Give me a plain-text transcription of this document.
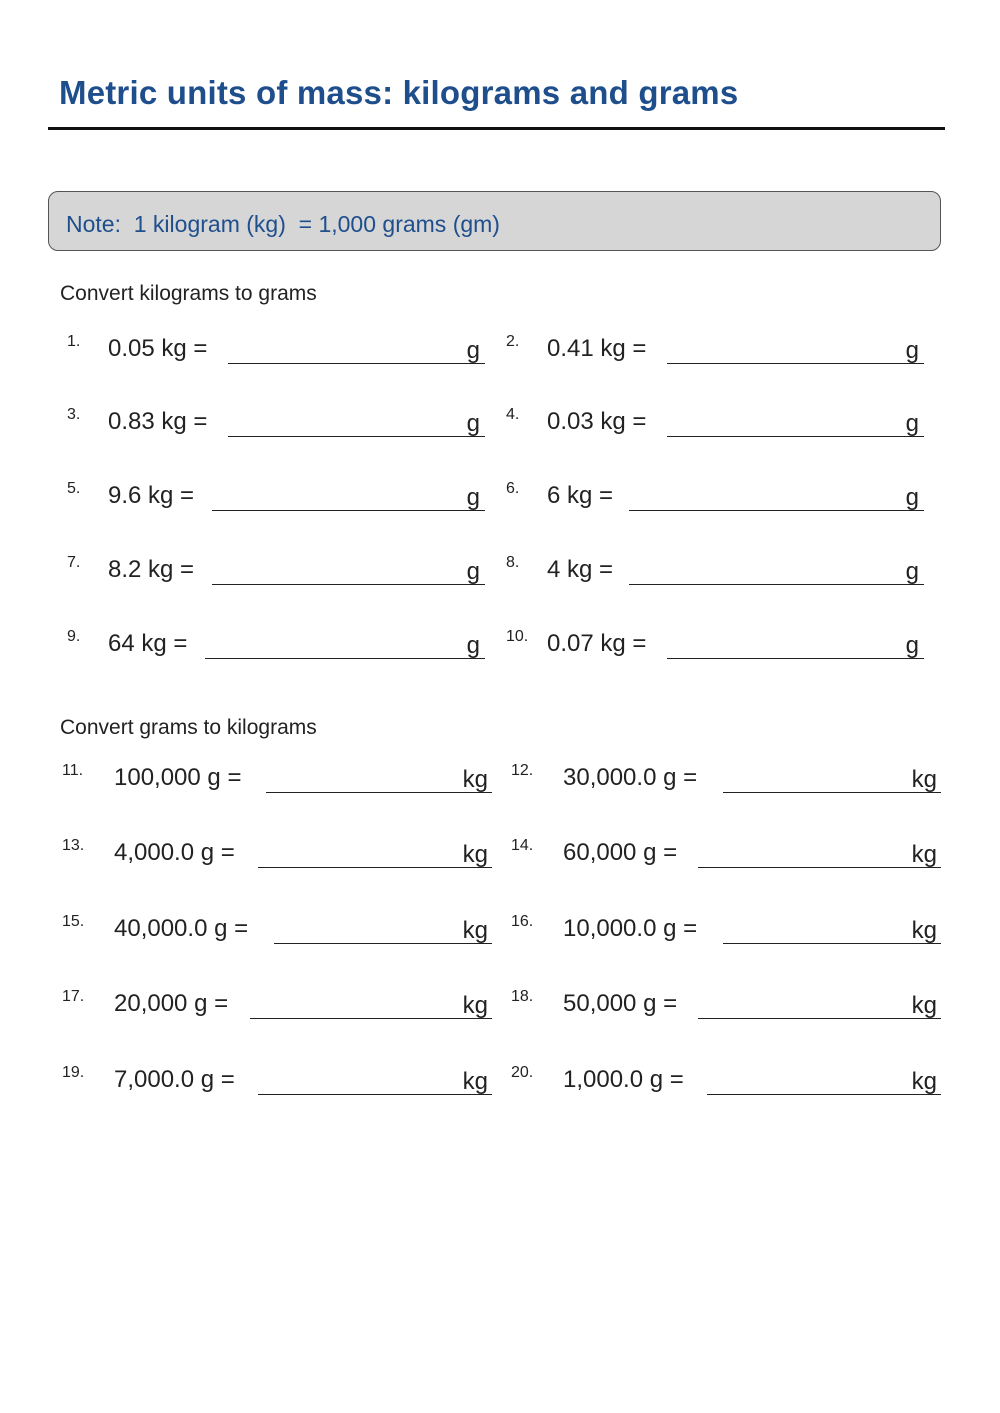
Metric units of mass: kilograms and grams
Note:  1 kilogram (kg)  = 1,000 grams (gm)
Convert kilograms to grams
Convert grams to kilograms
1. 0.05 kg =	g 2. 0.41 kg =	g
3. 0.83 kg =	g 4. 0.03 kg =	g
5. 9.6 kg =	g 6. 6 kg =	g
7. 8.2 kg =	g 8. 4 kg =	g
9. 64 kg =	g 10. 0.07 kg =	g
11. 100,000 g =	kg 12. 30,000.0 g =	kg
13. 4,000.0 g =	kg 14. 60,000 g =	kg
15. 40,000.0 g =	kg 16. 10,000.0 g =	kg
17. 20,000 g =	kg 18. 50,000 g =	kg
19. 7,000.0 g =	kg 20. 1,000.0 g =	kg
